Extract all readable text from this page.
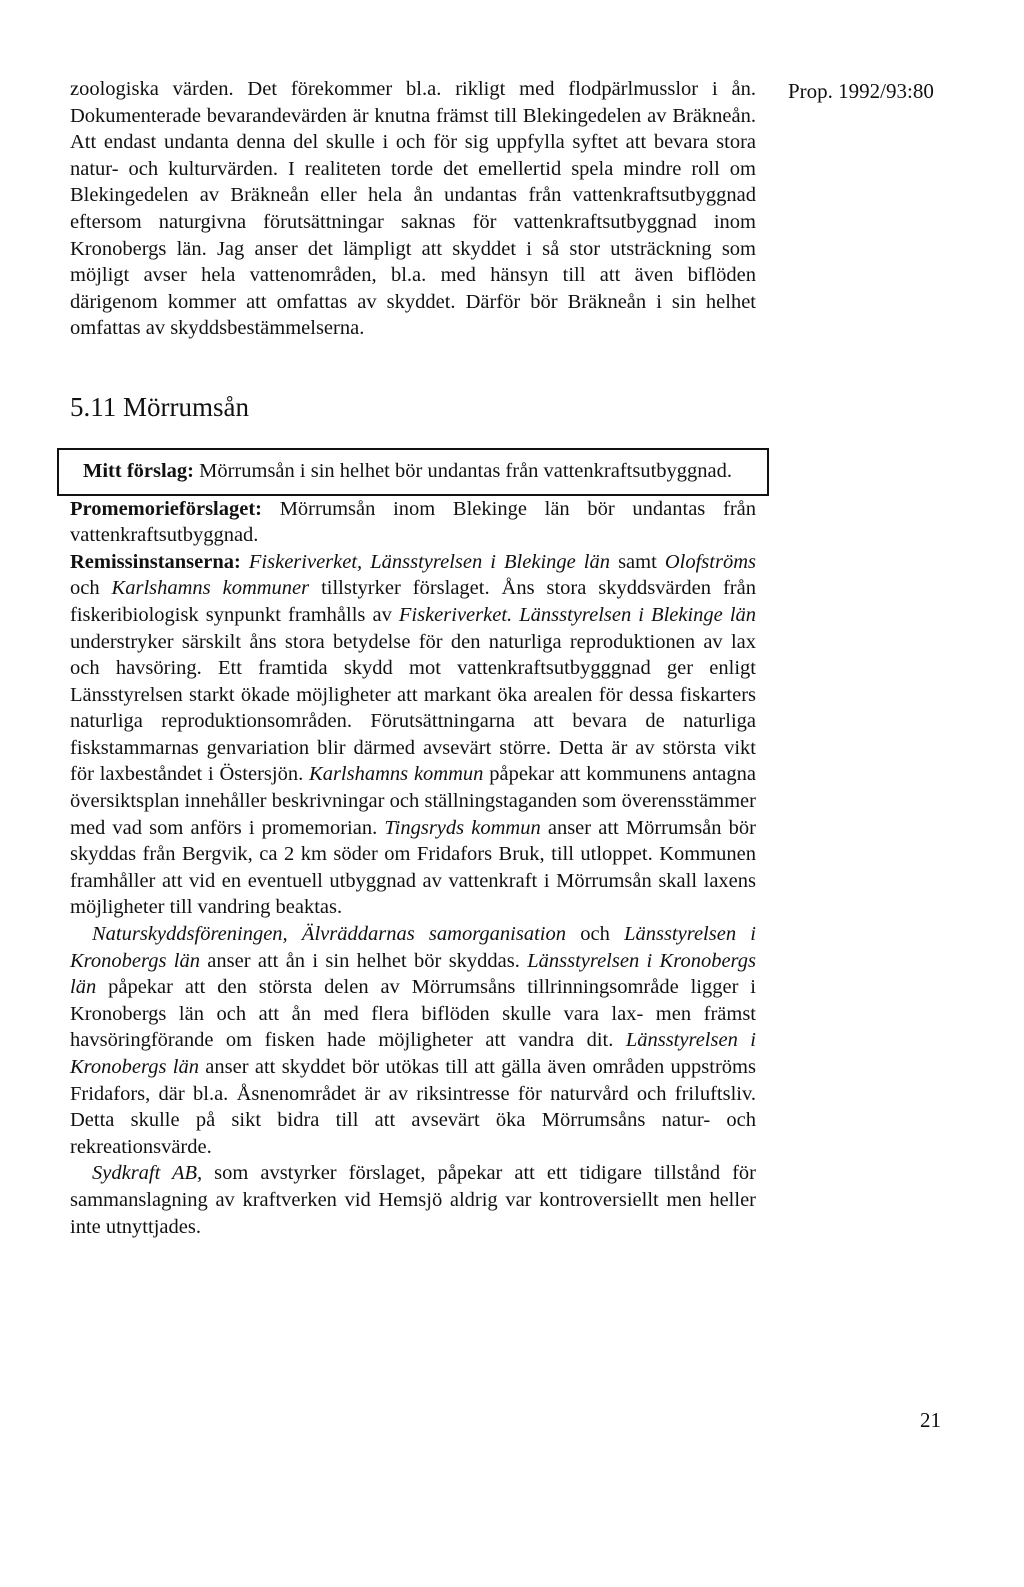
Prop. 1992/93:80

zoologiska värden. Det förekommer bl.a. rikligt med flodpärlmusslor i ån. Dokumenterade bevarandevärden är knutna främst till Blekingedelen av Bräkneån. Att endast undanta denna del skulle i och för sig uppfylla syftet att bevara stora natur- och kulturvärden. I realiteten torde det emellertid spela mindre roll om Blekingedelen av Bräkneån eller hela ån undantas från vattenkraftsutbyggnad eftersom naturgivna förutsättningar saknas för vattenkraftsutbyggnad inom Kronobergs län. Jag anser det lämpligt att skyddet i så stor utsträckning som möjligt avser hela vattenområden, bl.a. med hänsyn till att även biflöden därigenom kommer att omfattas av skyddet. Därför bör Bräkneån i sin helhet omfattas av skyddsbestämmelserna.

5.11 Mörrumsån

Mitt förslag: Mörrumsån i sin helhet bör undantas från vattenkraftsutbyggnad.

Promemorieförslaget: Mörrumsån inom Blekinge län bör undantas från vattenkraftsutbyggnad.

Remissinstanserna: Fiskeriverket, Länsstyrelsen i Blekinge län samt Olofströms och Karlshamns kommuner tillstyrker förslaget. Åns stora skyddsvärden från fiskeribiologisk synpunkt framhålls av Fiskeriverket. Länsstyrelsen i Blekinge län understryker särskilt åns stora betydelse för den naturliga reproduktionen av lax och havsöring. Ett framtida skydd mot vattenkraftsutbygggnad ger enligt Länsstyrelsen starkt ökade möjligheter att markant öka arealen för dessa fiskarters naturliga reproduktionsområden. Förutsättningarna att bevara de naturliga fiskstammarnas genvariation blir därmed avsevärt större. Detta är av största vikt för laxbeståndet i Östersjön. Karlshamns kommun påpekar att kommunens antagna översiktsplan innehåller beskrivningar och ställningstaganden som överensstämmer med vad som anförs i promemorian. Tingsryds kommun anser att Mörrumsån bör skyddas från Bergvik, ca 2 km söder om Fridafors Bruk, till utloppet. Kommunen framhåller att vid en eventuell utbyggnad av vattenkraft i Mörrumsån skall laxens möjligheter till vandring beaktas.

Naturskyddsföreningen, Älvräddarnas samorganisation och Länsstyrelsen i Kronobergs län anser att ån i sin helhet bör skyddas. Länsstyrelsen i Kronobergs län påpekar att den största delen av Mörrumsåns tillrinningsområde ligger i Kronobergs län och att ån med flera biflöden skulle vara lax- men främst havsöringförande om fisken hade möjligheter att vandra dit. Länsstyrelsen i Kronobergs län anser att skyddet bör utökas till att gälla även områden uppströms Fridafors, där bl.a. Åsnenområdet är av riksintresse för naturvård och friluftsliv. Detta skulle på sikt bidra till att avsevärt öka Mörrumsåns natur- och rekreationsvärde.

Sydkraft AB, som avstyrker förslaget, påpekar att ett tidigare tillstånd för sammanslagning av kraftverken vid Hemsjö aldrig var kontroversiellt men heller inte utnyttjades.

21
